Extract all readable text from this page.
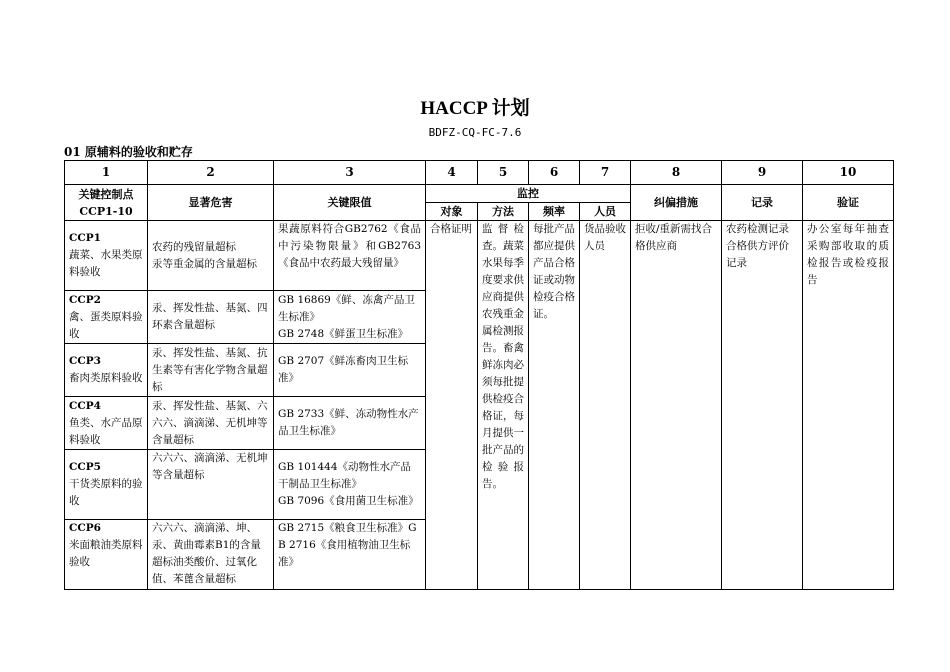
HACCP 计划
BDFZ-CQ-FC-7.6
01 原辅料的验收和贮存
1	2	3	4	5	6	7	8	9	10

关键控制点
CCP1-10	显著危害	关键限值	监控				纠偏措施	记录	验证
			对象	方法	频率	人员			

CCP1
蔬菜、水果类原料验收	农药的残留量超标
汞等重金属的含量超标	果蔬原料符合GB2762《食品中污染物限量》和GB2763《食品中农药最大残留量》	合格证明	监督检查。蔬菜水果每季度要求供应商提供农残重金属检测报告。畜禽鲜冻肉必须每批提供检疫合格证，每月提供一批产品的检验报告。	每批产品都应提供产品合格证或动物检疫合格证。	货品验收人员	拒收/重新需找合格供应商	农药检测记录
合格供方评价记录	办公室每年抽查采购部收取的质检报告或检疫报告

CCP2
禽、蛋类原料验收	汞、挥发性盐、基氮、四环素含量超标	GB 16869《鲜、冻禽产品卫生标准》
GB 2748《鲜蛋卫生标准》							

CCP3
畜肉类原料验收	汞、挥发性盐、基氮、抗生素等有害化学物含量超标	GB 2707《鲜冻畜肉卫生标准》							

CCP4
鱼类、水产品原料验收	汞、挥发性盐、基氮、六六六、滴滴涕、无机坤等含量超标	GB 2733《鲜、冻动物性水产品卫生标准》							

CCP5
干货类原料的验收	六六六、滴滴涕、无机坤等含量超标	GB 101444《动物性水产品干制品卫生标准》
GB 7096《食用菌卫生标准》							

CCP6
米面粮油类原料验收	六六六、滴滴涕、坤、汞、黄曲霉素B1的含量超标油类酸价、过氧化值、苯蓖含量超标	GB 2715《粮食卫生标准》GB 2716《食用植物油卫生标准》							
